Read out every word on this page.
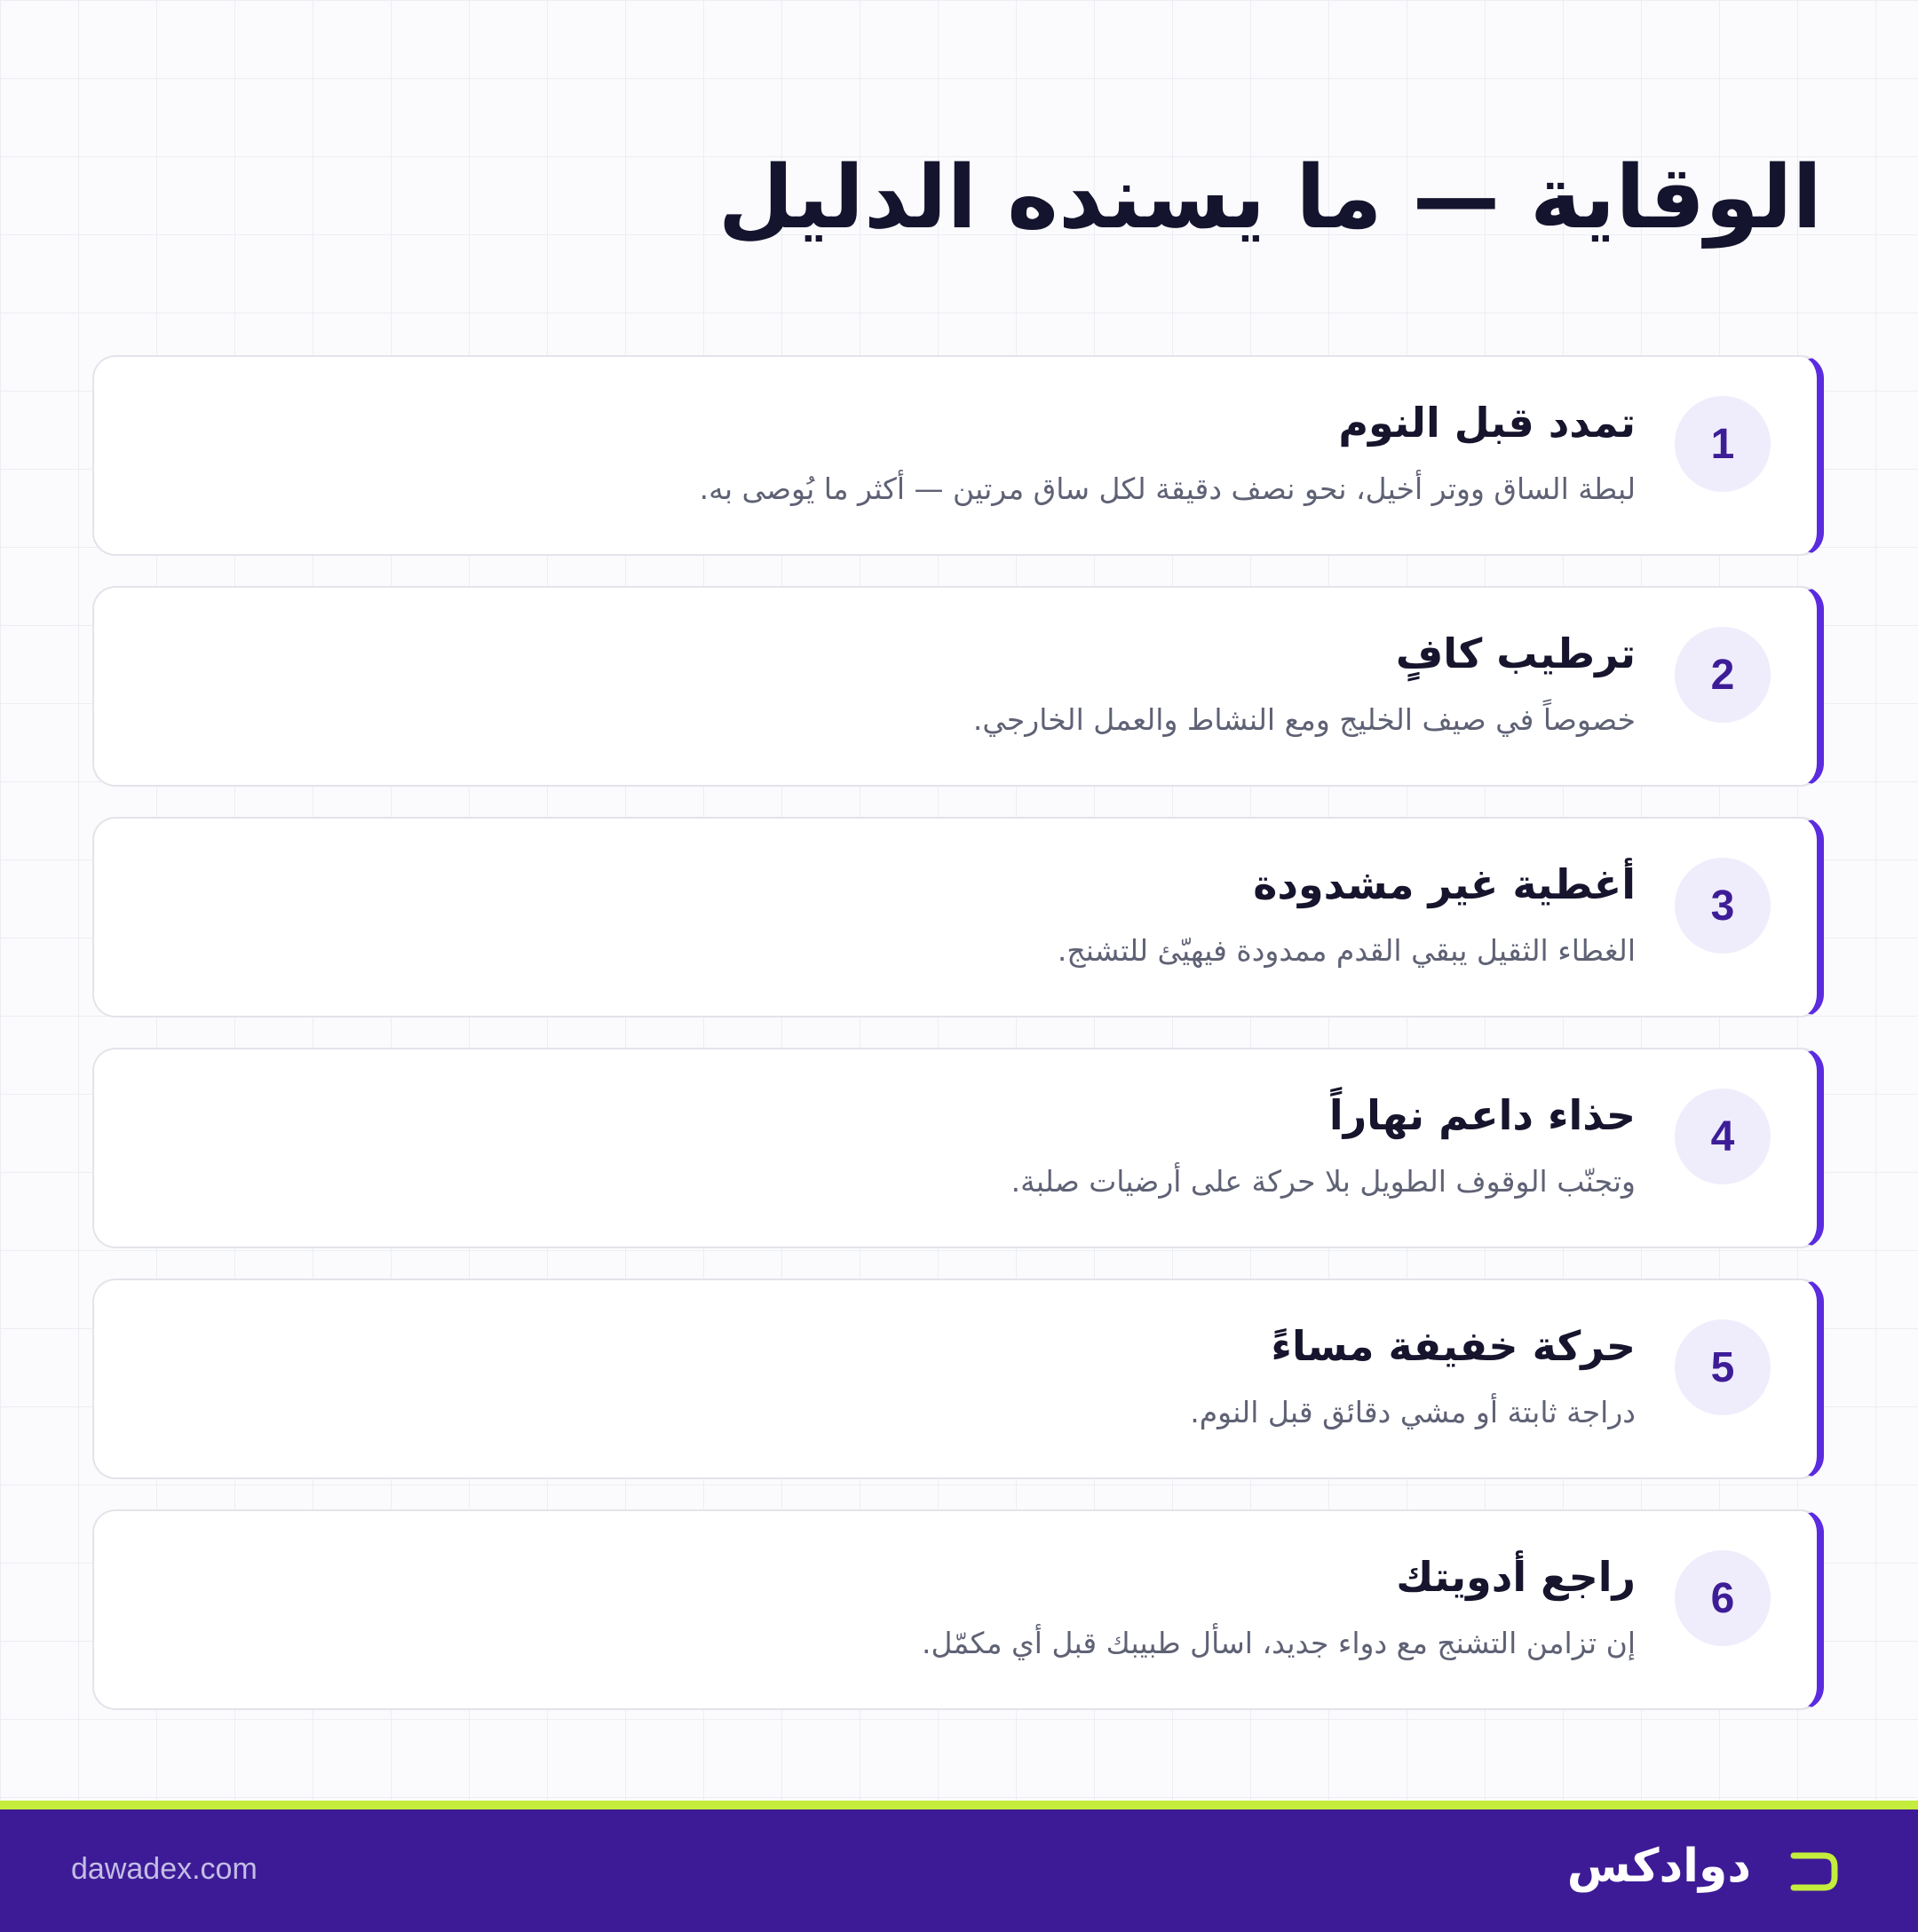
الوقاية — ما يسنده الدليل
1
تمدد قبل النوم
لبطة الساق ووتر أخيل، نحو نصف دقيقة لكل ساق مرتين — أكثر ما يُوصى به.
2
ترطيب كافٍ
خصوصاً في صيف الخليج ومع النشاط والعمل الخارجي.
3
أغطية غير مشدودة
الغطاء الثقيل يبقي القدم ممدودة فيهيّئ للتشنج.
4
حذاء داعم نهاراً
وتجنّب الوقوف الطويل بلا حركة على أرضيات صلبة.
5
حركة خفيفة مساءً
دراجة ثابتة أو مشي دقائق قبل النوم.
6
راجع أدويتك
إن تزامن التشنج مع دواء جديد، اسأل طبيبك قبل أي مكمّل.
dawadex.com	دوادكس
